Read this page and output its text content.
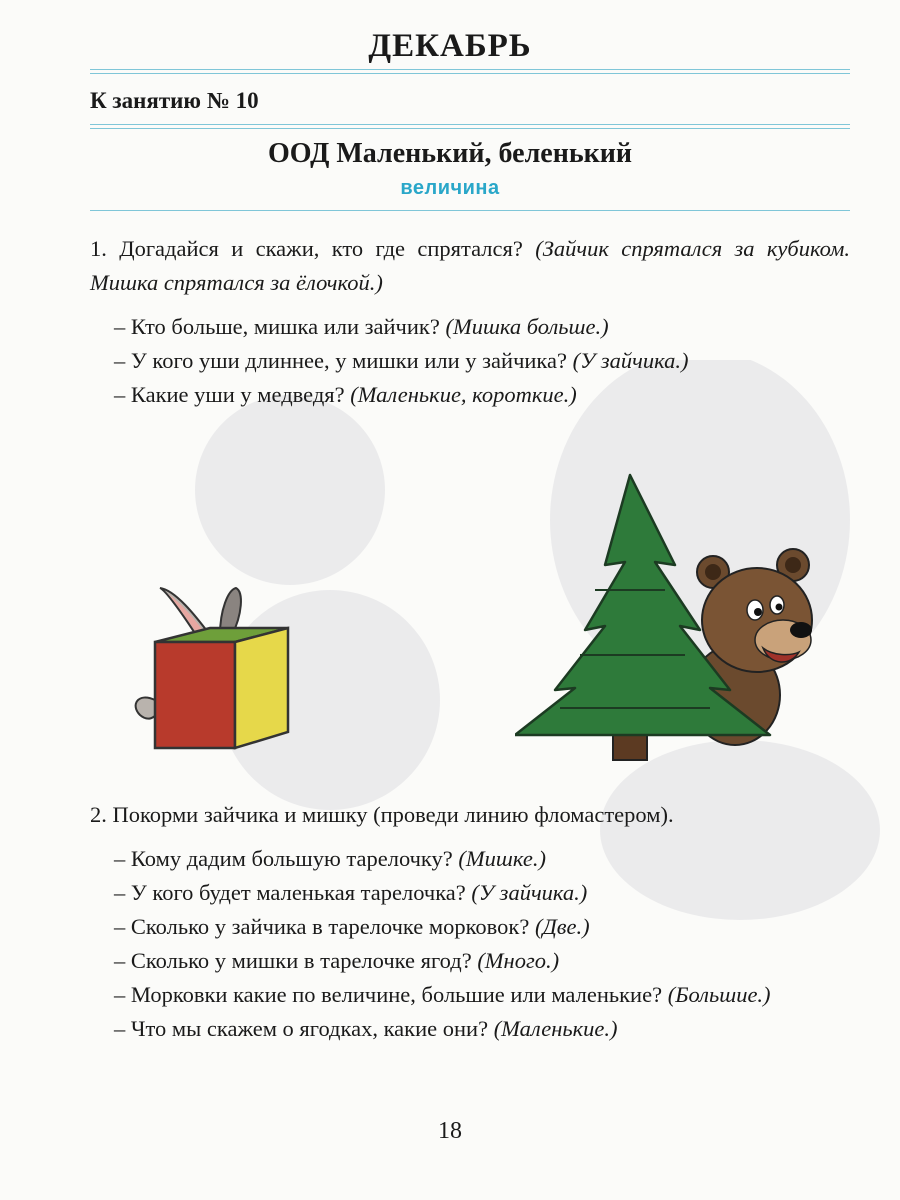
ДЕКАБРЬ
К занятию № 10
ООД Маленький, беленький
величина

1. Догадайся и скажи, кто где спрятался? (Зайчик спрятался за кубиком. Мишка спрятался за ёлочкой.)

– Кто больше, мишка или зайчик? (Мишка больше.)

– У кого уши длиннее, у мишки или у зайчика? (У зайчика.)

– Какие уши у медведя? (Маленькие, короткие.)

2. Покорми зайчика и мишку (проведи линию фломастером).

– Кому дадим большую тарелочку? (Мишке.)

– У кого будет маленькая тарелочка? (У зайчика.)

– Сколько у зайчика в тарелочке морковок? (Две.)

– Сколько у мишки в тарелочке ягод? (Много.)

– Морковки какие по величине, большие или маленькие? (Большие.)

– Что мы скажем о ягодках, какие они? (Маленькие.)

18
